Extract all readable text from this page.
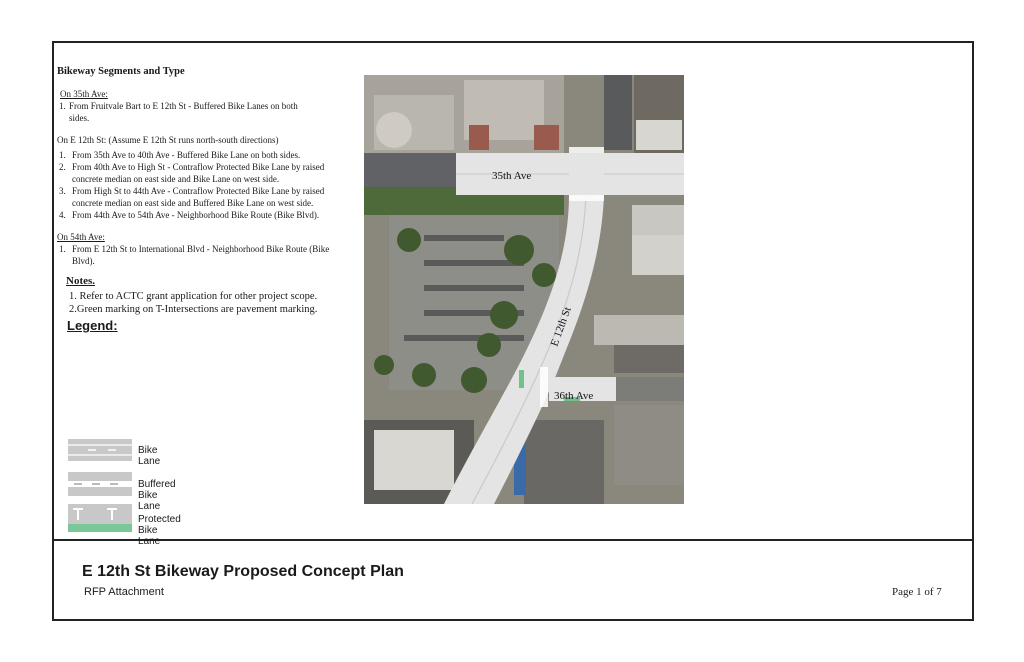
Bikeway Segments and Type
On 35th Ave:
1. From Fruitvale Bart to E 12th St - Buffered Bike Lanes on both sides.
On E 12th St: (Assume E 12th St runs north-south directions)
1. From 35th Ave to 40th Ave - Buffered Bike Lane on both sides.
2. From 40th Ave to High St - Contraflow Protected Bike Lane by raised concrete median on east side and Bike Lane on west side.
3. From High St to 44th Ave - Contraflow Protected Bike Lane by raised concrete median on east side and Buffered Bike Lane on west side.
4. From 44th Ave to 54th Ave - Neighborhood Bike Route (Bike Blvd).
On 54th Ave:
1. From E 12th St to International Blvd - Neighborhood Bike Route (Bike Blvd).
Notes.
1. Refer to ACTC grant application for other project scope.
2.Green marking on T-Intersections are pavement marking.
Legend:
Bike Lane
Buffered Bike Lane
Protected Bike Lane
35th Ave
36th Ave
E 12th St
E 12th St Bikeway Proposed Concept Plan
RFP Attachment	Page 1 of 7
